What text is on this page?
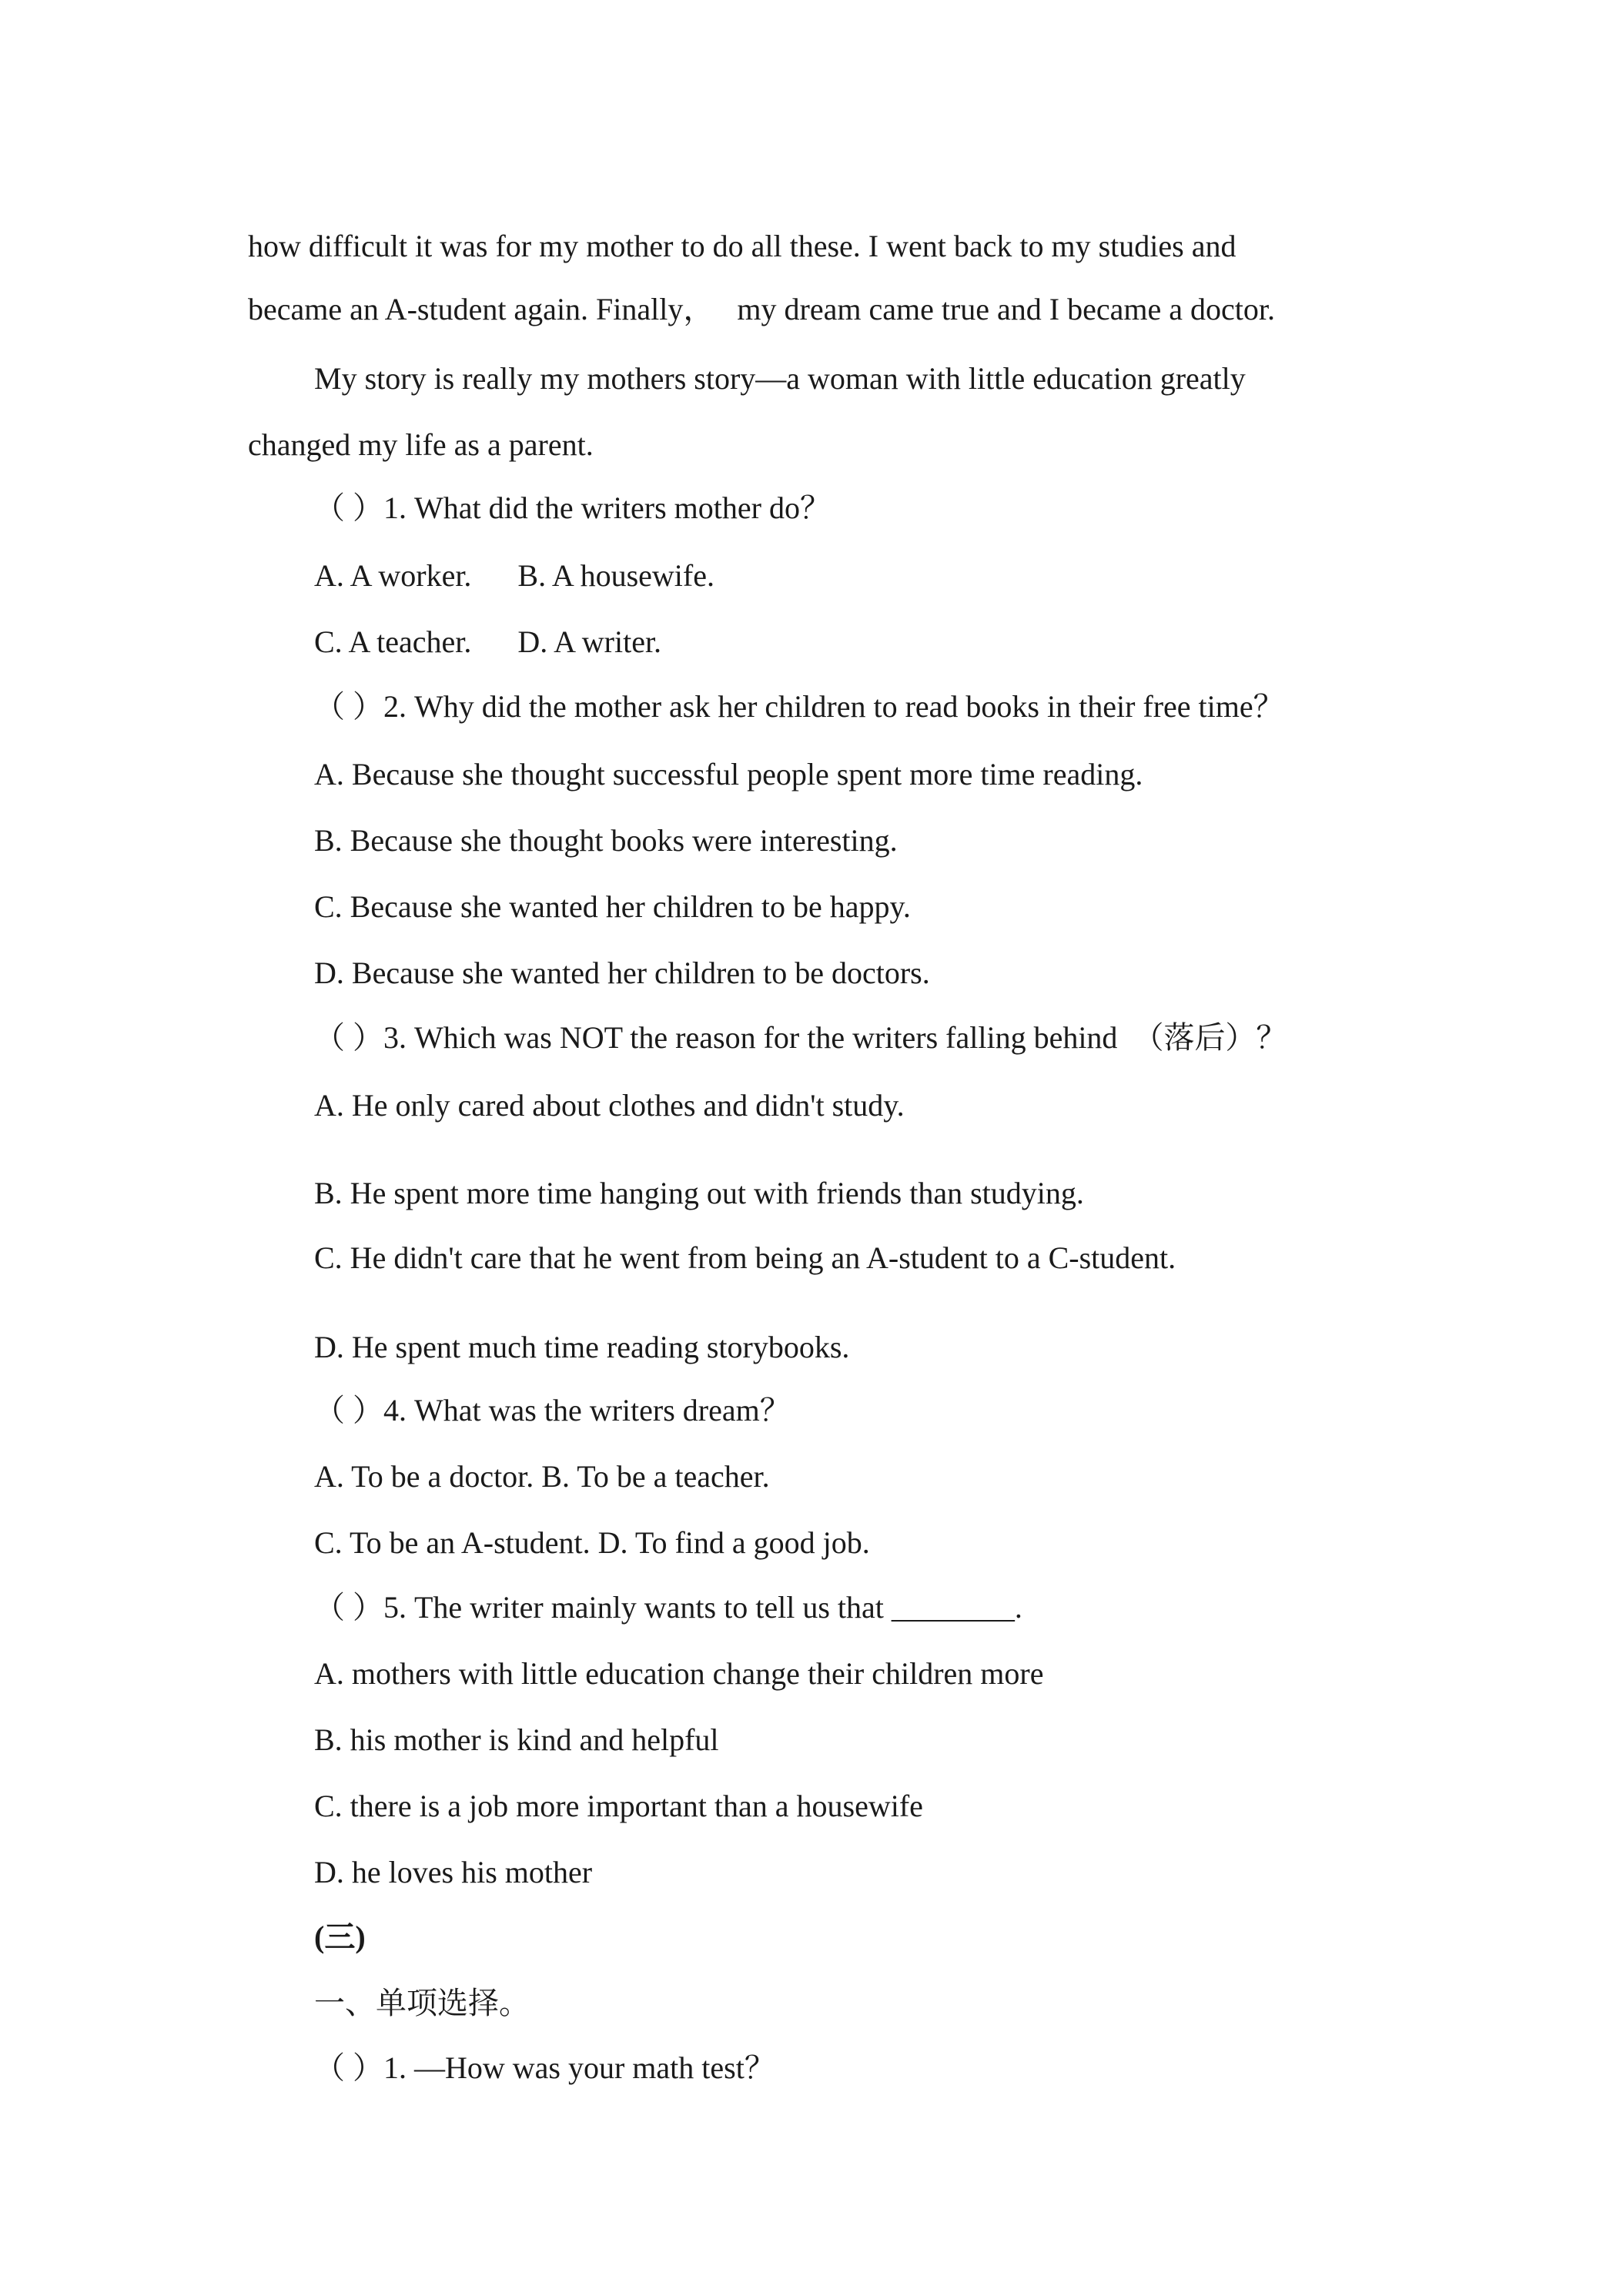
how difficult it was for my mother to do all these. I went back to my studies and
became an A-student again. Finally，   my dream came true and I became a doctor.
My story is really my mothers story—a woman with little education greatly
changed my life as a parent.
（ ）1. What did the writers mother do？
A. A worker.      B. A housewife.
C. A teacher.      D. A writer.
（ ）2. Why did the mother ask her children to read books in their free time？
A. Because she thought successful people spent more time reading.
B. Because she thought books were interesting.
C. Because she wanted her children to be happy.
D. Because she wanted her children to be doctors.
（ ）3. Which was NOT the reason for the writers falling behind  （落后）？
A. He only cared about clothes and didn't study.
B. He spent more time hanging out with friends than studying.
C. He didn't care that he went from being an A-student to a C-student.
D. He spent much time reading storybooks.
（ ）4. What was the writers dream？
A. To be a doctor. B. To be a teacher.
C. To be an A-student. D. To find a good job.
（ ）5. The writer mainly wants to tell us that ________.
A. mothers with little education change their children more
B. his mother is kind and helpful
C. there is a job more important than a housewife
D. he loves his mother
(三)
一、单项选择。
（ ）1. —How was your math test？
